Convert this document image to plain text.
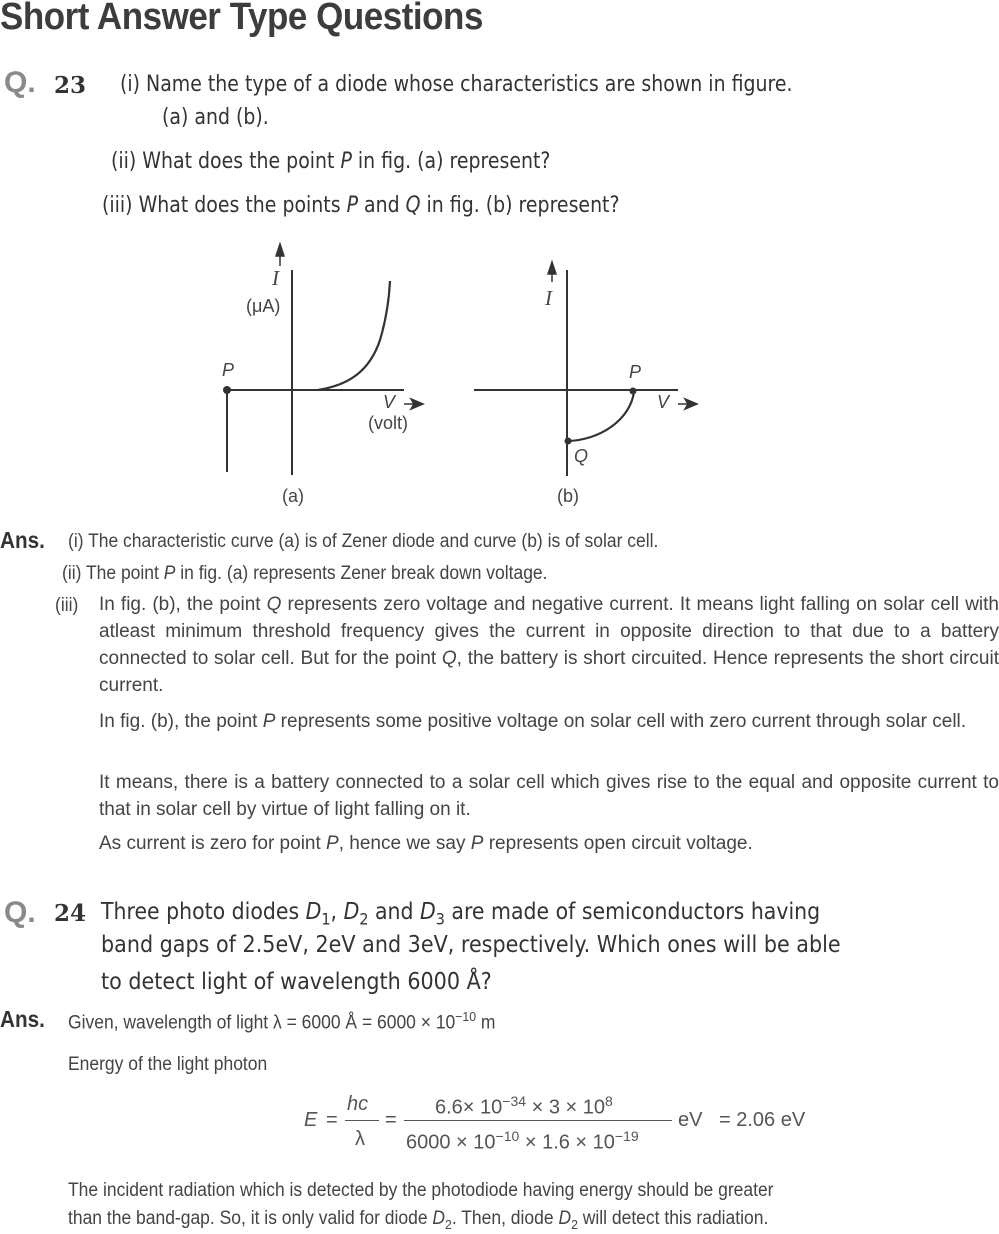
Short Answer Type Questions
Q. 23 (i) Name the type of a diode whose characteristics are shown in figure.
(a) and (b).
(ii) What does the point P in fig. (a) represent?
(iii) What does the points P and Q in fig. (b) represent?
I
(μA)
P
V
(volt)
(a)
I
P
V
Q
(b)
Ans. (i) The characteristic curve (a) is of Zener diode and curve (b) is of solar cell.
(ii) The point P in fig. (a) represents Zener break down voltage.
(iii) In fig. (b), the point Q represents zero voltage and negative current. It means light falling on solar cell with atleast minimum threshold frequency gives the current in opposite direction to that due to a battery connected to solar cell. But for the point Q, the battery is short circuited. Hence represents the short circuit current.
In fig. (b), the point P represents some positive voltage on solar cell with zero current through solar cell.
It means, there is a battery connected to a solar cell which gives rise to the equal and opposite current to that in solar cell by virtue of light falling on it.
As current is zero for point P, hence we say P represents open circuit voltage.
Q. 24 Three photo diodes $D_1$, $D_2$ and $D_3$ are made of semiconductors having
band gaps of 2.5eV, 2eV and 3eV, respectively. Which ones will be able
to detect light of wavelength 6000 Å?
Ans. Given, wavelength of light λ = 6000 Å = $6000 \times 10^{-10}$ m
Energy of the light photon
E =
hc
λ
=
$6.6\times 10^{-34} \times 3 \times 10^8$
$6000 \times 10^{-10} \times 1.6 \times 10^{-19}$
eV = 2.06 eV
The incident radiation which is detected by the photodiode having energy should be greater
than the band-gap. So, it is only valid for diode $D_2$. Then, diode $D_2$ will detect this radiation.
